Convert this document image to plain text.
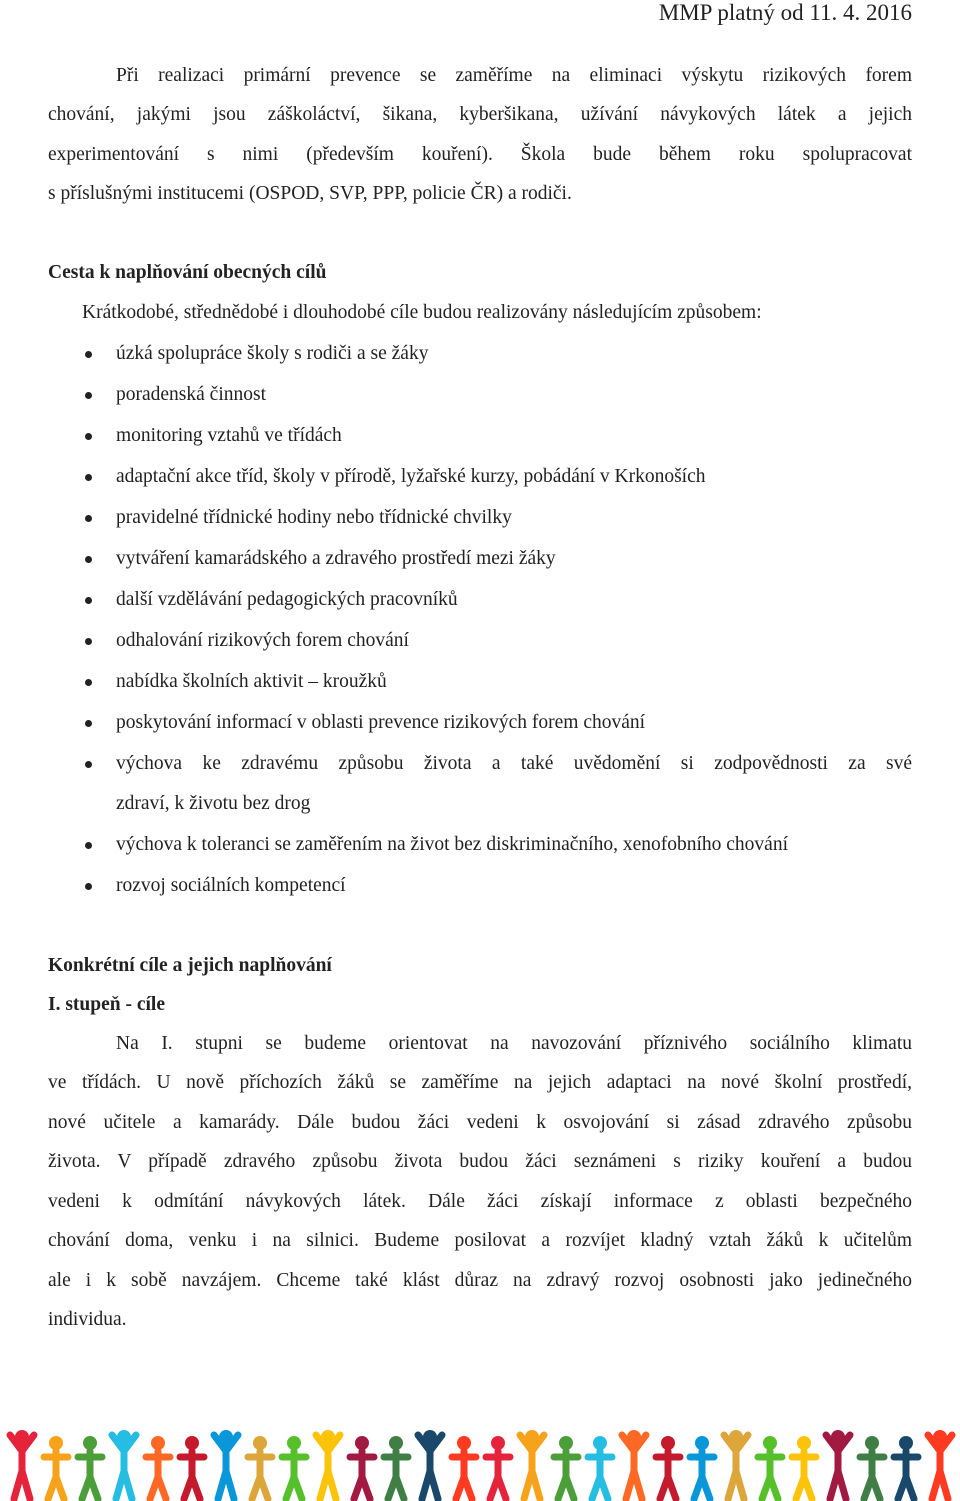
MMP platný od 11. 4. 2016

Při realizaci primární prevence se zaměříme na eliminaci výskytu rizikových forem

chování, jakými jsou záškoláctví, šikana, kyberšikana, užívání návykových látek a jejich

experimentování s nimi (především kouření). Škola bude během roku spolupracovat

s příslušnými institucemi (OSPOD, SVP, PPP, policie ČR) a rodiči.

Cesta k naplňování obecných cílů

Krátkodobé, střednědobé i dlouhodobé cíle budou realizovány následujícím způsobem:

úzká spolupráce školy s rodiči a se žáky
poradenská činnost
monitoring vztahů ve třídách
adaptační akce tříd, školy v přírodě, lyžařské kurzy, pobádání v Krkonoších
pravidelné třídnické hodiny nebo třídnické chvilky
vytváření kamarádského a zdravého prostředí mezi žáky
další vzdělávání pedagogických pracovníků
odhalování rizikových forem chování
nabídka školních aktivit – kroužků
poskytování informací v oblasti prevence rizikových forem chování
výchova ke zdravému způsobu života a také uvědomění si zodpovědnosti za své
zdraví, k životu bez drog
výchova k toleranci se zaměřením na život bez diskriminačního, xenofobního chování
rozvoj sociálních kompetencí
Konkrétní cíle a jejich naplňování
I. stupeň - cíle

Na I. stupni se budeme orientovat na navozování příznivého sociálního klimatu

ve třídách. U nově příchozích žáků se zaměříme na jejich adaptaci na nové školní prostředí,

nové učitele a kamarády. Dále budou žáci vedeni k osvojování si zásad zdravého způsobu

života. V případě zdravého způsobu života budou žáci seznámeni s riziky kouření a budou

vedeni k odmítání návykových látek. Dále žáci získají informace z oblasti bezpečného

chování doma, venku i na silnici. Budeme posilovat a rozvíjet kladný vztah žáků k učitelům

ale i k sobě navzájem. Chceme také klást důraz na zdravý rozvoj osobnosti jako jedinečného

individua.
